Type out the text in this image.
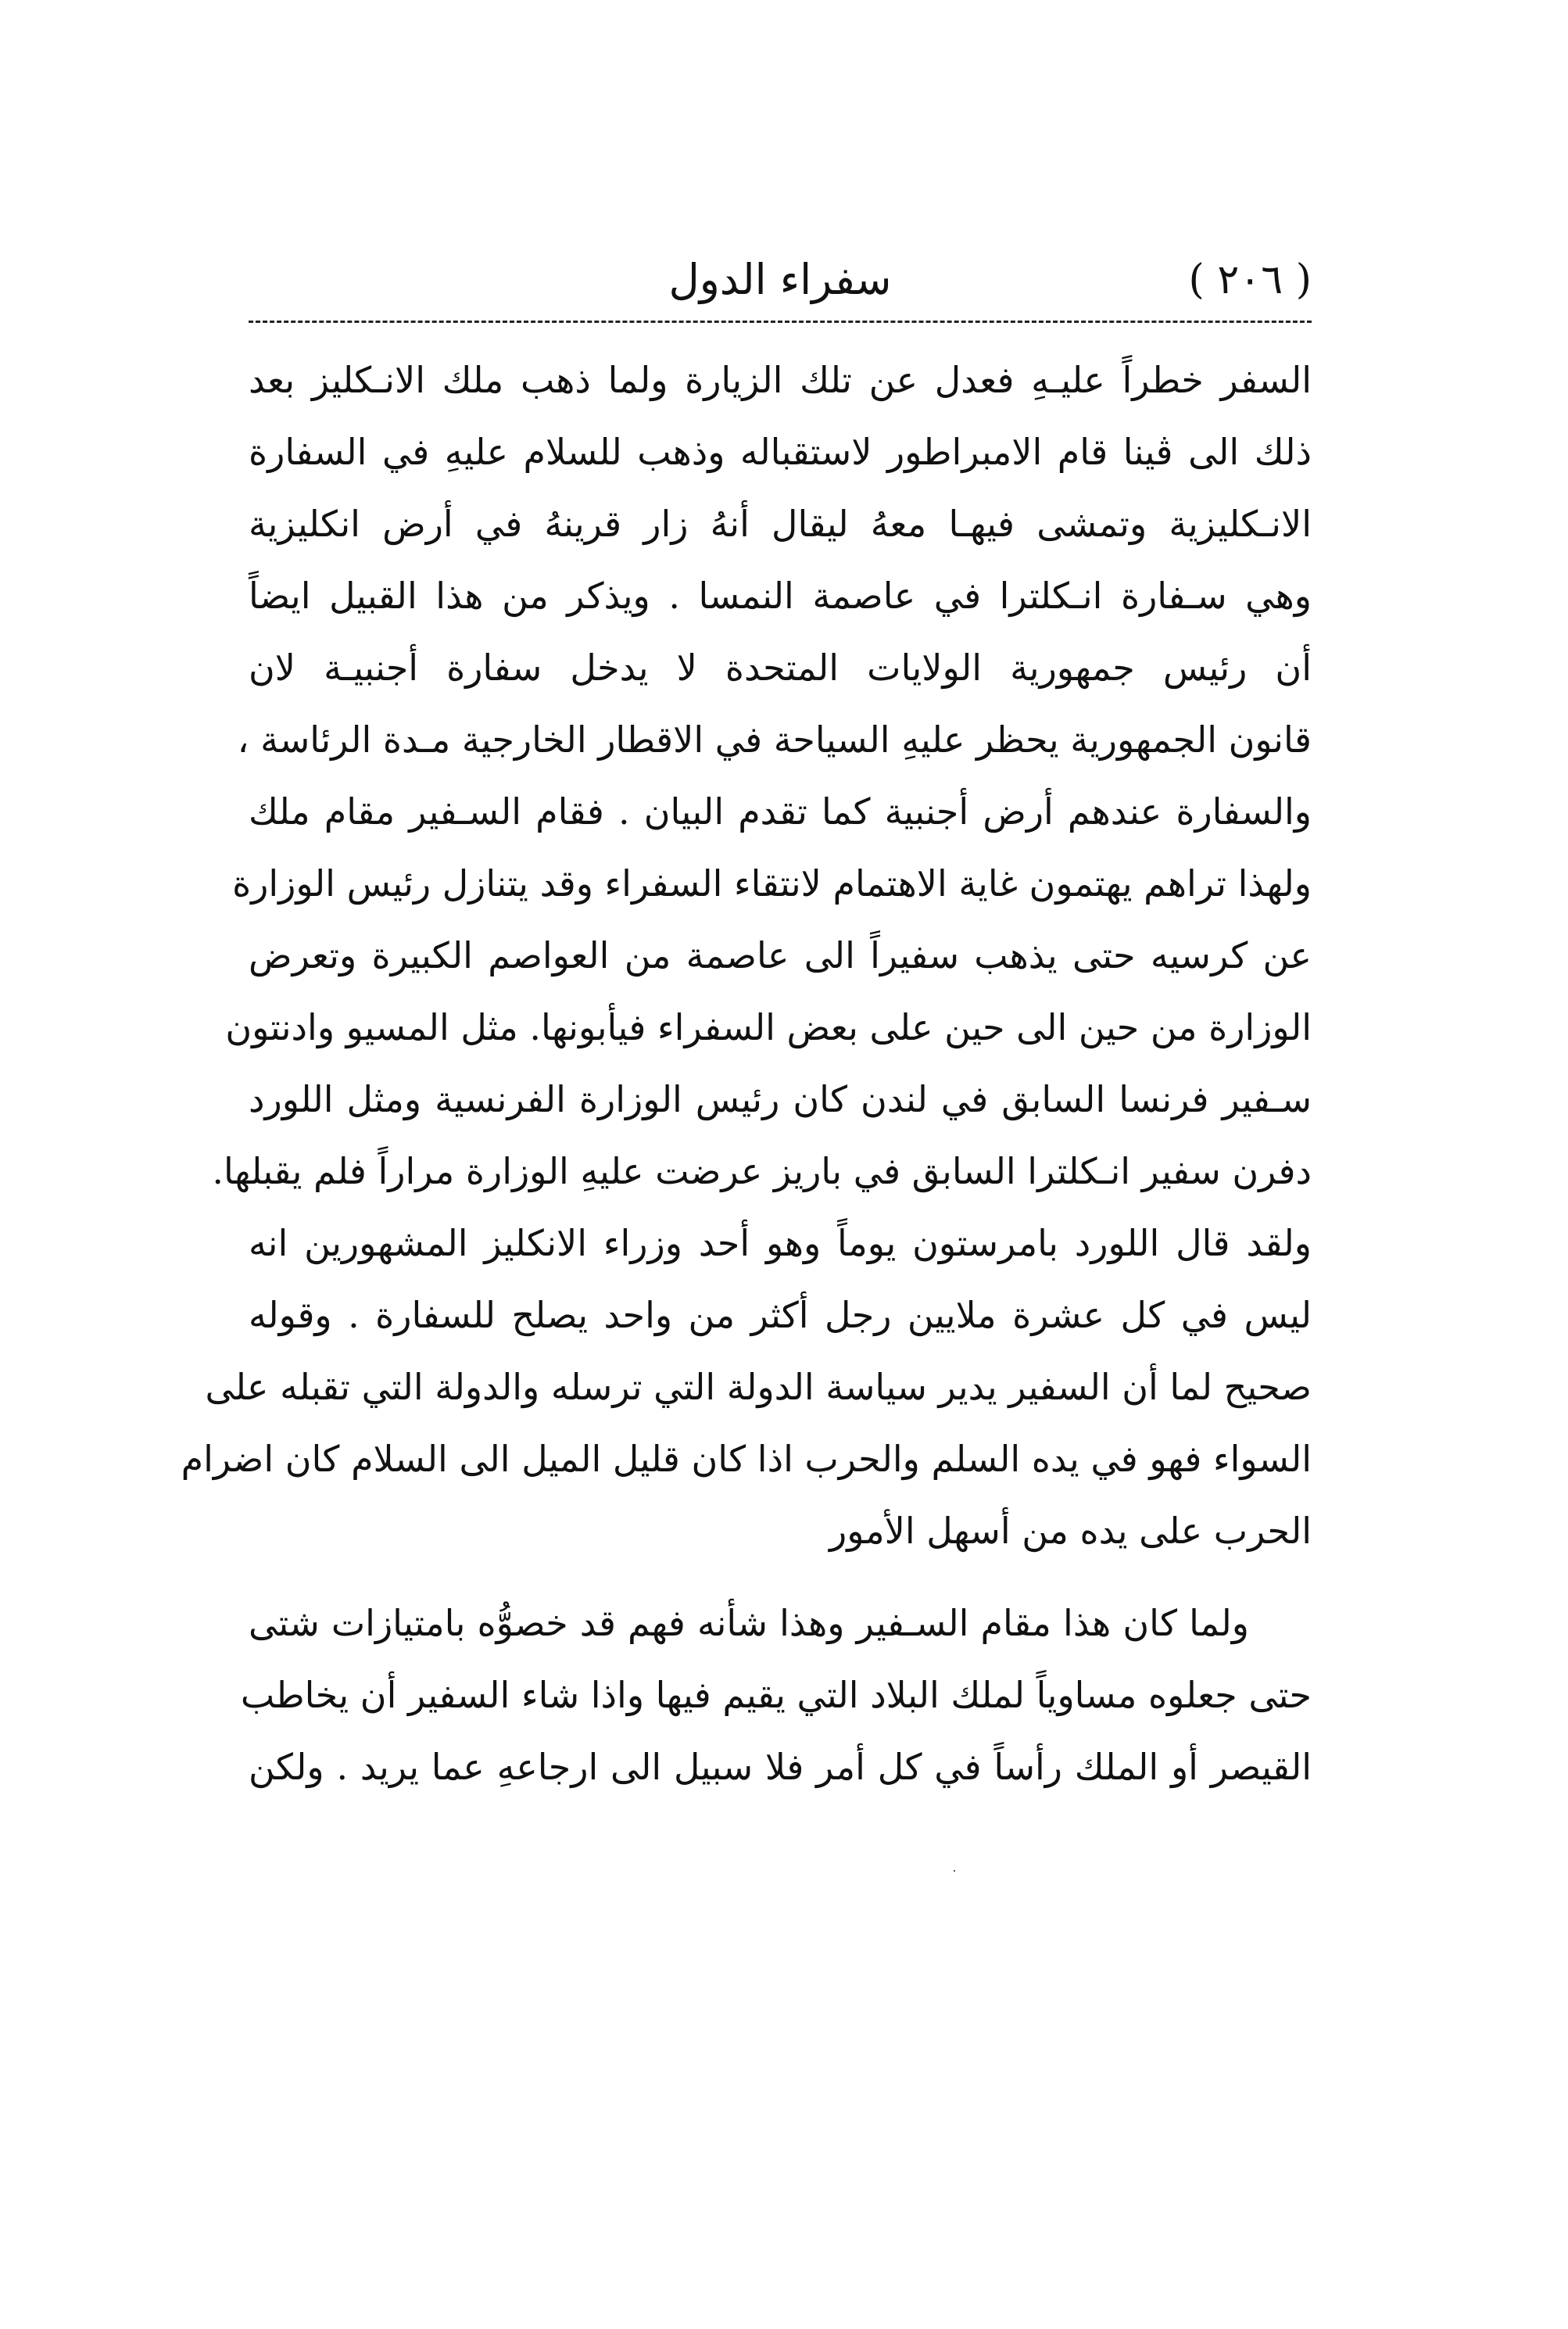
( ٢٠٦ )
سفراء الدول
السفر خطراً عليـهِ فعدل عن تلك الزيارة ولما ذهب ملك الانـكليز بعد
ذلك الى ڤينا قام الامبراطور لاستقباله وذهب للسلام عليهِ في السفارة
الانـكليزية وتمشى فيهـا معهُ ليقال أنهُ زار قرينهُ في أرض انكليزية
وهي سـفارة انـكلترا في عاصمة النمسا . ويذكر من هذا القبيل ايضاً
أن رئيس جمهورية الولايات المتحدة لا يدخل سفارة أجنبيـة لان
قانون الجمهورية يحظر عليهِ السياحة في الاقطار الخارجية مـدة الرئاسة ،
والسفارة عندهم أرض أجنبية كما تقدم البيان . فقام السـفير مقام ملك
ولهذا تراهم يهتمون غاية الاهتمام لانتقاء السفراء وقد يتنازل رئيس الوزارة
عن كرسيه حتى يذهب سفيراً الى عاصمة من العواصم الكبيرة وتعرض
الوزارة من حين الى حين على بعض السفراء فيأبونها. مثل المسيو وادنتون
سـفير فرنسا السابق في لندن كان رئيس الوزارة الفرنسية ومثل اللورد
دفرن سفير انـكلترا السابق في باريز عرضت عليهِ الوزارة مراراً فلم يقبلها.
ولقد قال اللورد بامرستون يوماً وهو أحد وزراء الانكليز المشهورين انه
ليس في كل عشرة ملايين رجل أكثر من واحد يصلح للسفارة . وقوله
صحيح لما أن السفير يدير سياسة الدولة التي ترسله والدولة التي تقبله على
السواء فهو في يده السلم والحرب اذا كان قليل الميل الى السلام كان اضرام
الحرب على يده من أسهل الأمور
ولما كان هذا مقام السـفير وهذا شأنه فهم قد خصوُّه بامتيازات شتى
حتى جعلوه مساوياً لملك البلاد التي يقيم فيها واذا شاء السفير أن يخاطب
القيصر أو الملك رأساً في كل أمر فلا سبيل الى ارجاعهِ عما يريد . ولكن
